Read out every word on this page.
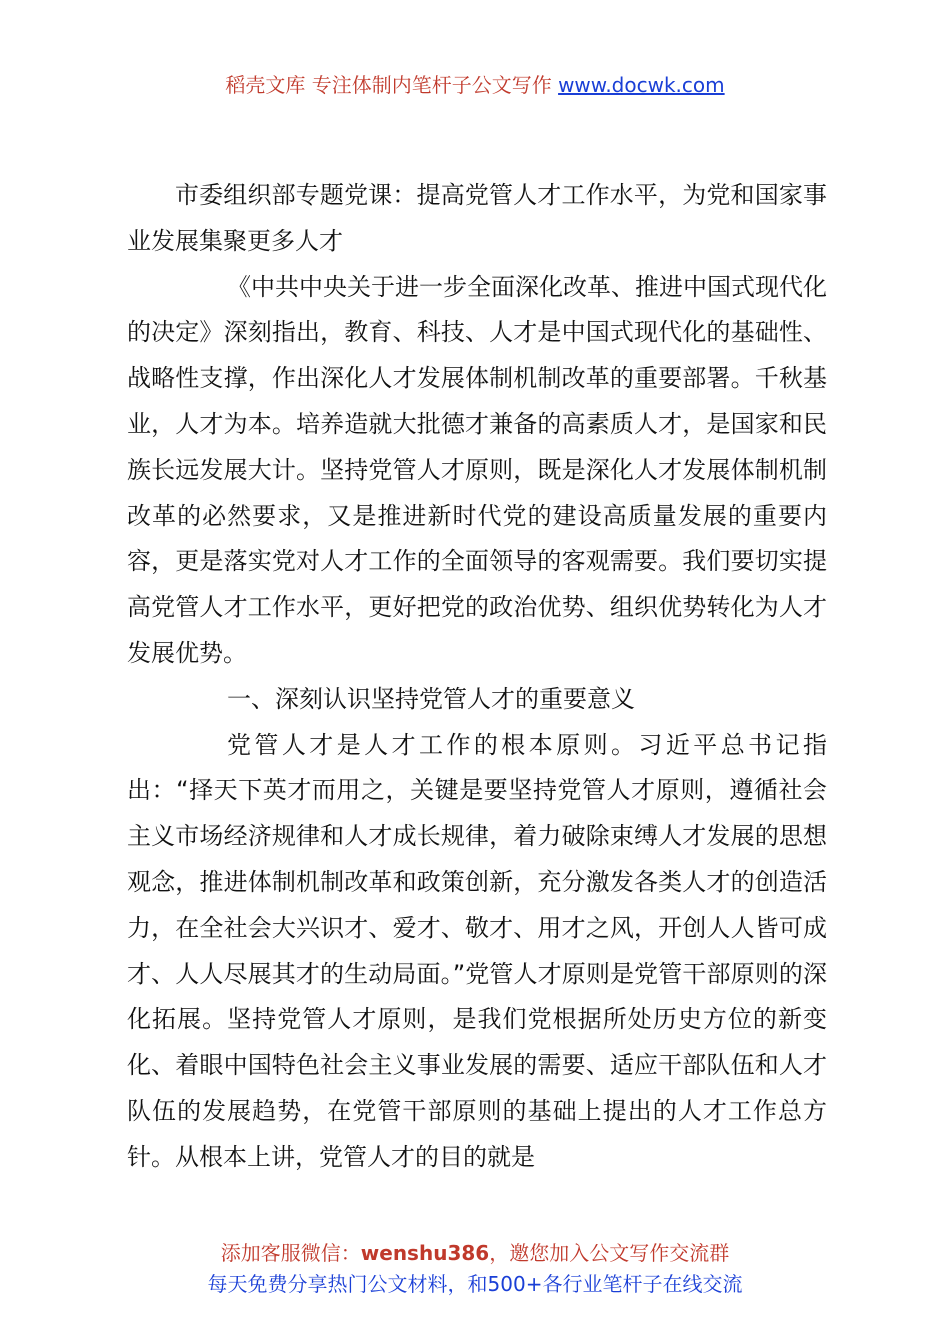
稻壳文库 专注体制内笔杆子公文写作 www.docwk.com

市委组织部专题党课：提高党管人才工作水平，为党和国家事业发展集聚更多人才

《中共中央关于进一步全面深化改革、推进中国式现代化的决定》深刻指出，教育、科技、人才是中国式现代化的基础性、战略性支撑，作出深化人才发展体制机制改革的重要部署。千秋基业，人才为本。培养造就大批德才兼备的高素质人才，是国家和民族长远发展大计。坚持党管人才原则，既是深化人才发展体制机制改革的必然要求，又是推进新时代党的建设高质量发展的重要内容，更是落实党对人才工作的全面领导的客观需要。我们要切实提高党管人才工作水平，更好把党的政治优势、组织优势转化为人才发展优势。

一、深刻认识坚持党管人才的重要意义

党管人才是人才工作的根本原则。习近平总书记指出：“择天下英才而用之，关键是要坚持党管人才原则，遵循社会主义市场经济规律和人才成长规律，着力破除束缚人才发展的思想观念，推进体制机制改革和政策创新，充分激发各类人才的创造活力，在全社会大兴识才、爱才、敬才、用才之风，开创人人皆可成才、人人尽展其才的生动局面。”党管人才原则是党管干部原则的深化拓展。坚持党管人才原则，是我们党根据所处历史方位的新变化、着眼中国特色社会主义事业发展的需要、适应干部队伍和人才队伍的发展趋势，在党管干部原则的基础上提出的人才工作总方针。从根本上讲，党管人才的目的就是

添加客服微信：wenshu386，邀您加入公文写作交流群
每天免费分享热门公文材料，和500+各行业笔杆子在线交流
